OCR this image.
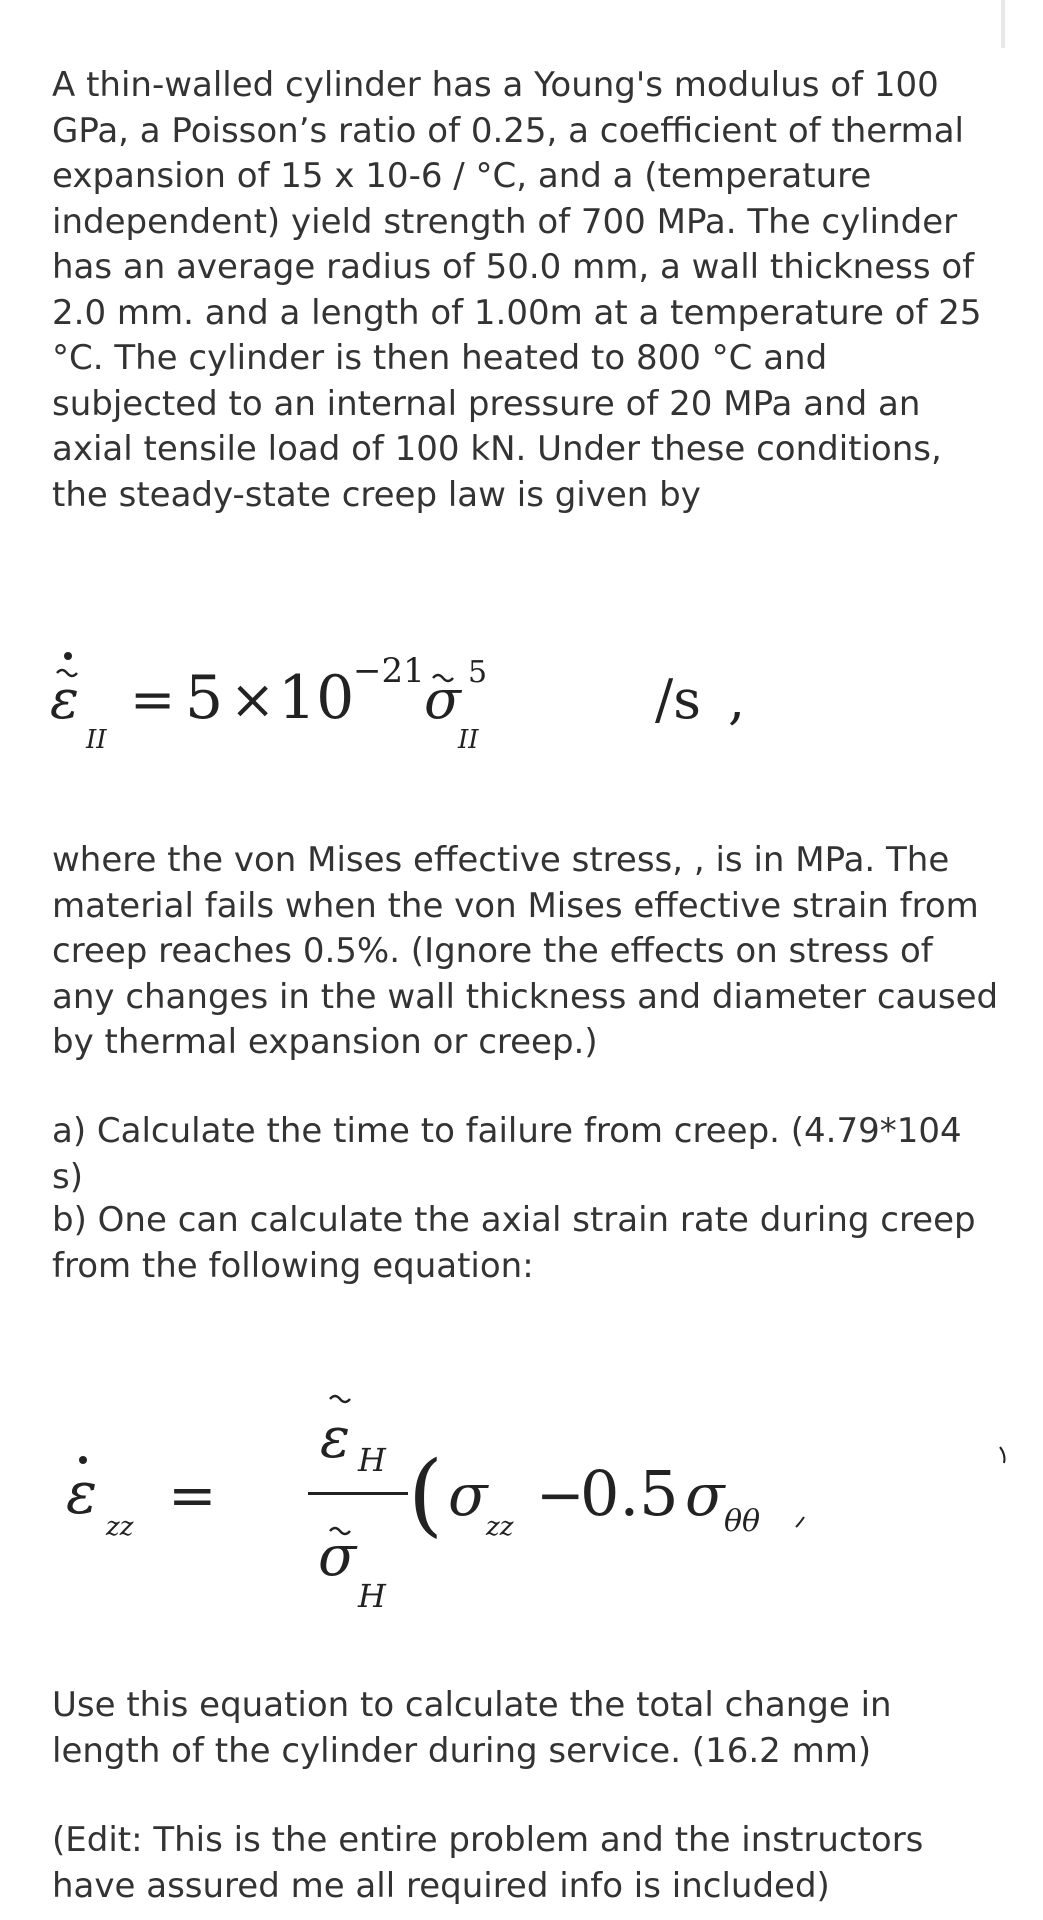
A thin-walled cylinder has a Young's modulus of 100 GPa, a Poisson’s ratio of 0.25, a coefficient of thermal expansion of 15 x 10-6 / °C, and a (temperature independent) yield strength of 700 MPa. The cylinder has an average radius of 50.0 mm, a wall thickness of 2.0 mm. and a length of 1.00m at a temperature of 25 °C. The cylinder is then heated to 800 °C and subjected to an internal pressure of 20 MPa and an axial tensile load of 100 kN. Under these conditions, the steady-state creep law is given by

ε
II
= 5 × 10
−21 σ 5
II
/s ,

where the von Mises effective stress, , is in MPa. The material fails when the von Mises effective strain from creep reaches 0.5%. (Ignore the effects on stress of any changes in the wall thickness and diameter caused by thermal expansion or creep.)

a) Calculate the time to failure from creep. (4.79*104 s)

b) One can calculate the axial strain rate during creep from the following equation:

ε zz =
ε H
σ
H
( σ
zz −
0.5 σ θθ

Use this equation to calculate the total change in length of the cylinder during service. (16.2 mm)

(Edit: This is the entire problem and the instructors have assured me all required info is included)
